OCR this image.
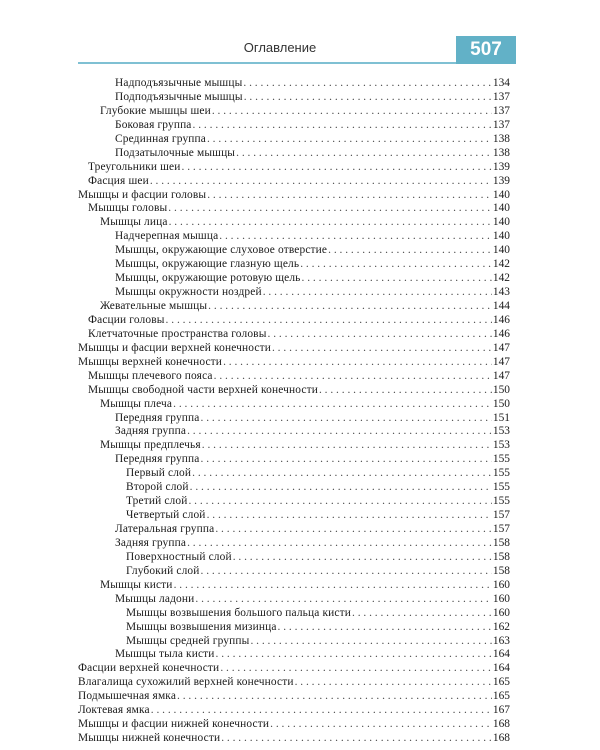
Оглавление	507
Надподъязычные мышцы . . .	134
Подподъязычные мышцы . . .	137
Глубокие мышцы шеи . . .	137
Боковая группа . . .	137
Срединная группа . . .	138
Подзатылочные мышцы . . .	138
Треугольники шеи . . .	139
Фасция шеи . . .	139
Мышцы и фасции головы . . .	140
Мышцы головы . . .	140
Мышцы лица . . .	140
Надчерепная мышца . . .	140
Мышцы, окружающие слуховое отверстие . . .	140
Мышцы, окружающие глазную щель . . .	142
Мышцы, окружающие ротовую щель . . .	142
Мышцы окружности ноздрей . . .	143
Жевательные мышцы . . .	144
Фасции головы . . .	146
Клетчаточные пространства головы . . .	146
Мышцы и фасции верхней конечности . . .	147
Мышцы верхней конечности . . .	147
Мышцы плечевого пояса . . .	147
Мышцы свободной части верхней конечности . . .	150
Мышцы плеча . . .	150
Передняя группа . . .	151
Задняя группа . . .	153
Мышцы предплечья . . .	153
Передняя группа . . .	155
Первый слой . . .	155
Второй слой . . .	155
Третий слой . . .	155
Четвертый слой . . .	157
Латеральная группа . . .	157
Задняя группа . . .	158
Поверхностный слой . . .	158
Глубокий слой . . .	158
Мышцы кисти . . .	160
Мышцы ладони . . .	160
Мышцы возвышения большого пальца кисти . . .	160
Мышцы возвышения мизинца . . .	162
Мышцы средней группы . . .	163
Мышцы тыла кисти . . .	164
Фасции верхней конечности . . .	164
Влагалища сухожилий верхней конечности . . .	165
Подмышечная ямка . . .	165
Локтевая ямка . . .	167
Мышцы и фасции нижней конечности . . .	168
Мышцы нижней конечности . . .	168
